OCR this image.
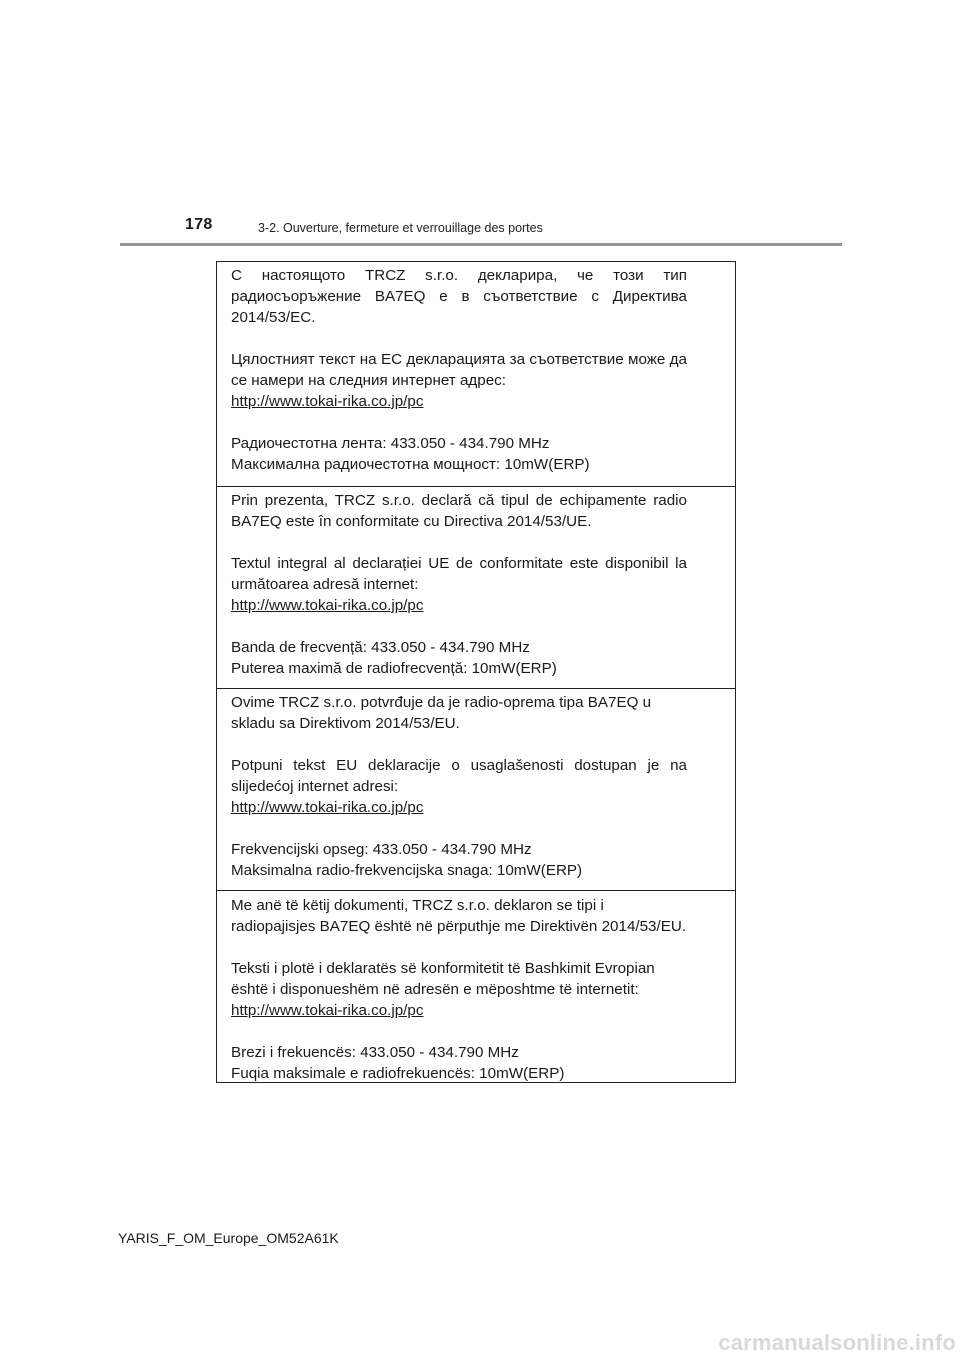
178	3-2. Ouverture, fermeture et verrouillage des portes

С настоящото TRCZ s.r.o. декларира, че този тип радиосъоръжение BA7EQ е в съответствие с Директива 2014/53/ЕС.

Цялостният текст на ЕС декларацията за съответствие може да се намери на следния интернет адрес:

http://www.tokai-rika.co.jp/pc

Радиочестотна лента: 433.050 - 434.790 MHz

Максимална радиочестотна мощност: 10mW(ERP)

Prin prezenta, TRCZ s.r.o. declară că tipul de echipamente radio BA7EQ este în conformitate cu Directiva 2014/53/UE.

Textul integral al declarației UE de conformitate este disponibil la următoarea adresă internet:

http://www.tokai-rika.co.jp/pc

Banda de frecvență: 433.050 - 434.790 MHz

Puterea maximă de radiofrecvență: 10mW(ERP)

Ovime TRCZ s.r.o. potvrđuje da je radio-oprema tipa BA7EQ u skladu sa Direktivom 2014/53/EU.

Potpuni tekst EU deklaracije o usaglašenosti dostupan je na slijedećoj internet adresi:

http://www.tokai-rika.co.jp/pc

Frekvencijski opseg: 433.050 - 434.790 MHz

Maksimalna radio-frekvencijska snaga: 10mW(ERP)

Me anë të këtij dokumenti, TRCZ s.r.o. deklaron se tipi i radiopajisjes BA7EQ është në përputhje me Direktivën 2014/53/EU.

Teksti i plotë i deklaratës së konformitetit të Bashkimit Evropian është i disponueshëm në adresën e mëposhtme të internetit:

http://www.tokai-rika.co.jp/pc

Brezi i frekuencës: 433.050 - 434.790 MHz

Fuqia maksimale e radiofrekuencës: 10mW(ERP)

YARIS_F_OM_Europe_OM52A61K
carmanualsonline.info
